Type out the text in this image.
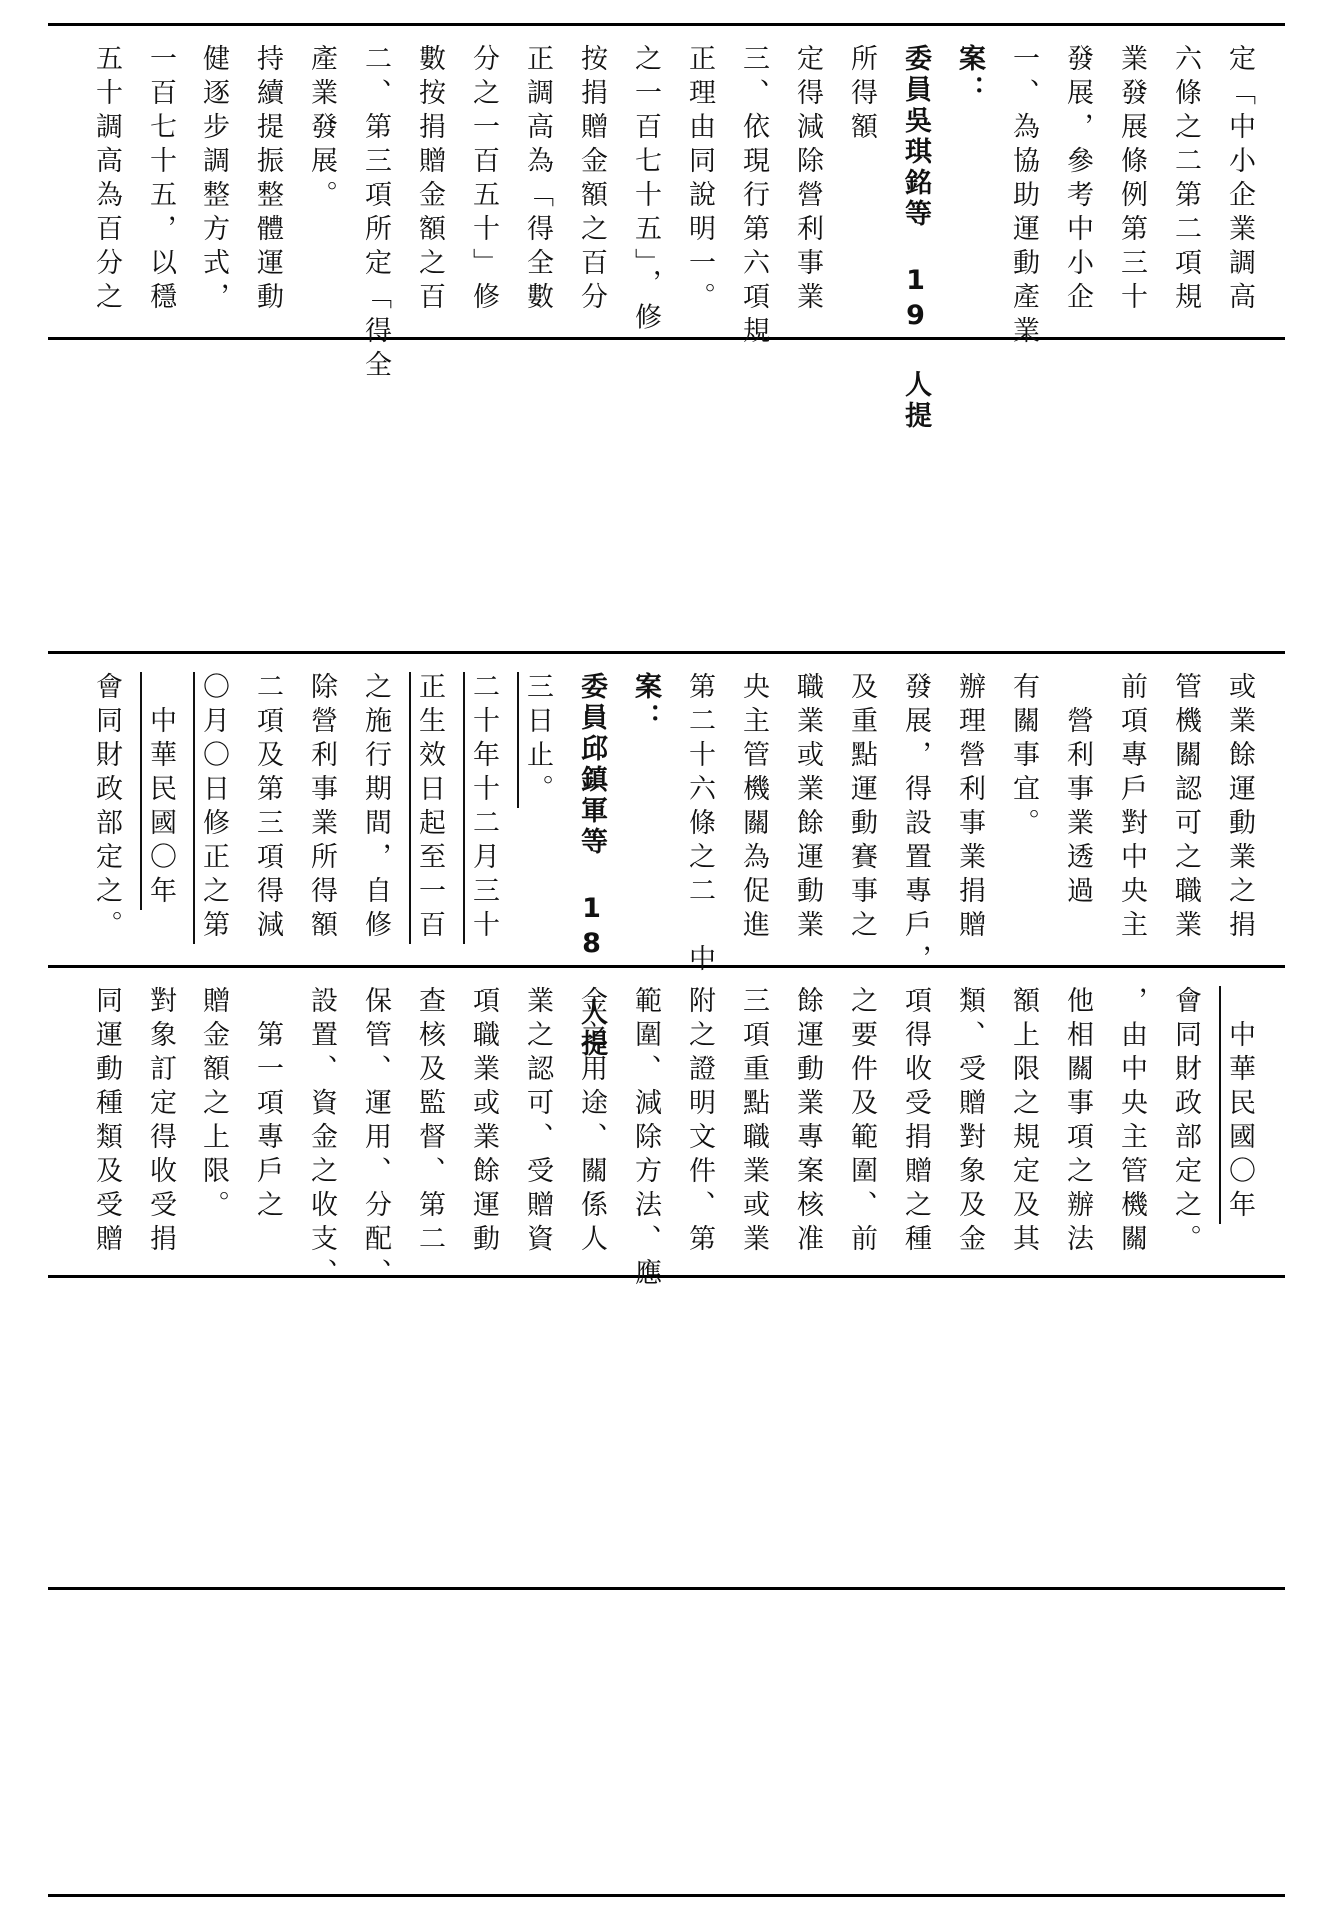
五十調高為百分之 一百七十五，以穩 健逐步調整方式， 持續提振整體運動 產業發展。 二、第三項所定「得全 數按捐贈金額之百 分之一百五十」修 正調高為「得全數 按捐贈金額之百分 之一百七十五」，修 正理由同說明一。 三、依現行第六項規 定得減除營利事業 所得額 委員吳琪銘等 19 人提 案： 一、為協助運動產業 發展，參考中小企 業發展條例第三十 六條之二第二項規 定「中小企業調高
會同財政部定之。 　中華民國〇年 〇月〇日修正之第 二項及第三項得減 除營利事業所得額 之施行期間，自修 正生效日起至一百 二十年十二月三十 三日止。 委員邱鎮軍等 18 人提 案： 第二十六條之二　中 央主管機關為促進 職業或業餘運動業 及重點運動賽事之 發展，得設置專戶， 辦理營利事業捐贈 有關事宜。 　營利事業透過 前項專戶對中央主 管機關認可之職業 或業餘運動業之捐
同運動種類及受贈 對象訂定得收受捐 贈金額之上限。 　第一項專戶之 設置、資金之收支、 保管、運用、分配、 查核及監督、第二 項職業或業餘運動 業之認可、受贈資 金之用途、關係人 範圍、減除方法、應 附之證明文件、第 三項重點職業或業 餘運動業專案核准 之要件及範圍、前 項得收受捐贈之種 類、受贈對象及金 額上限之規定及其 他相關事項之辦法 ，由中央主管機關 會同財政部定之。 　中華民國〇年
